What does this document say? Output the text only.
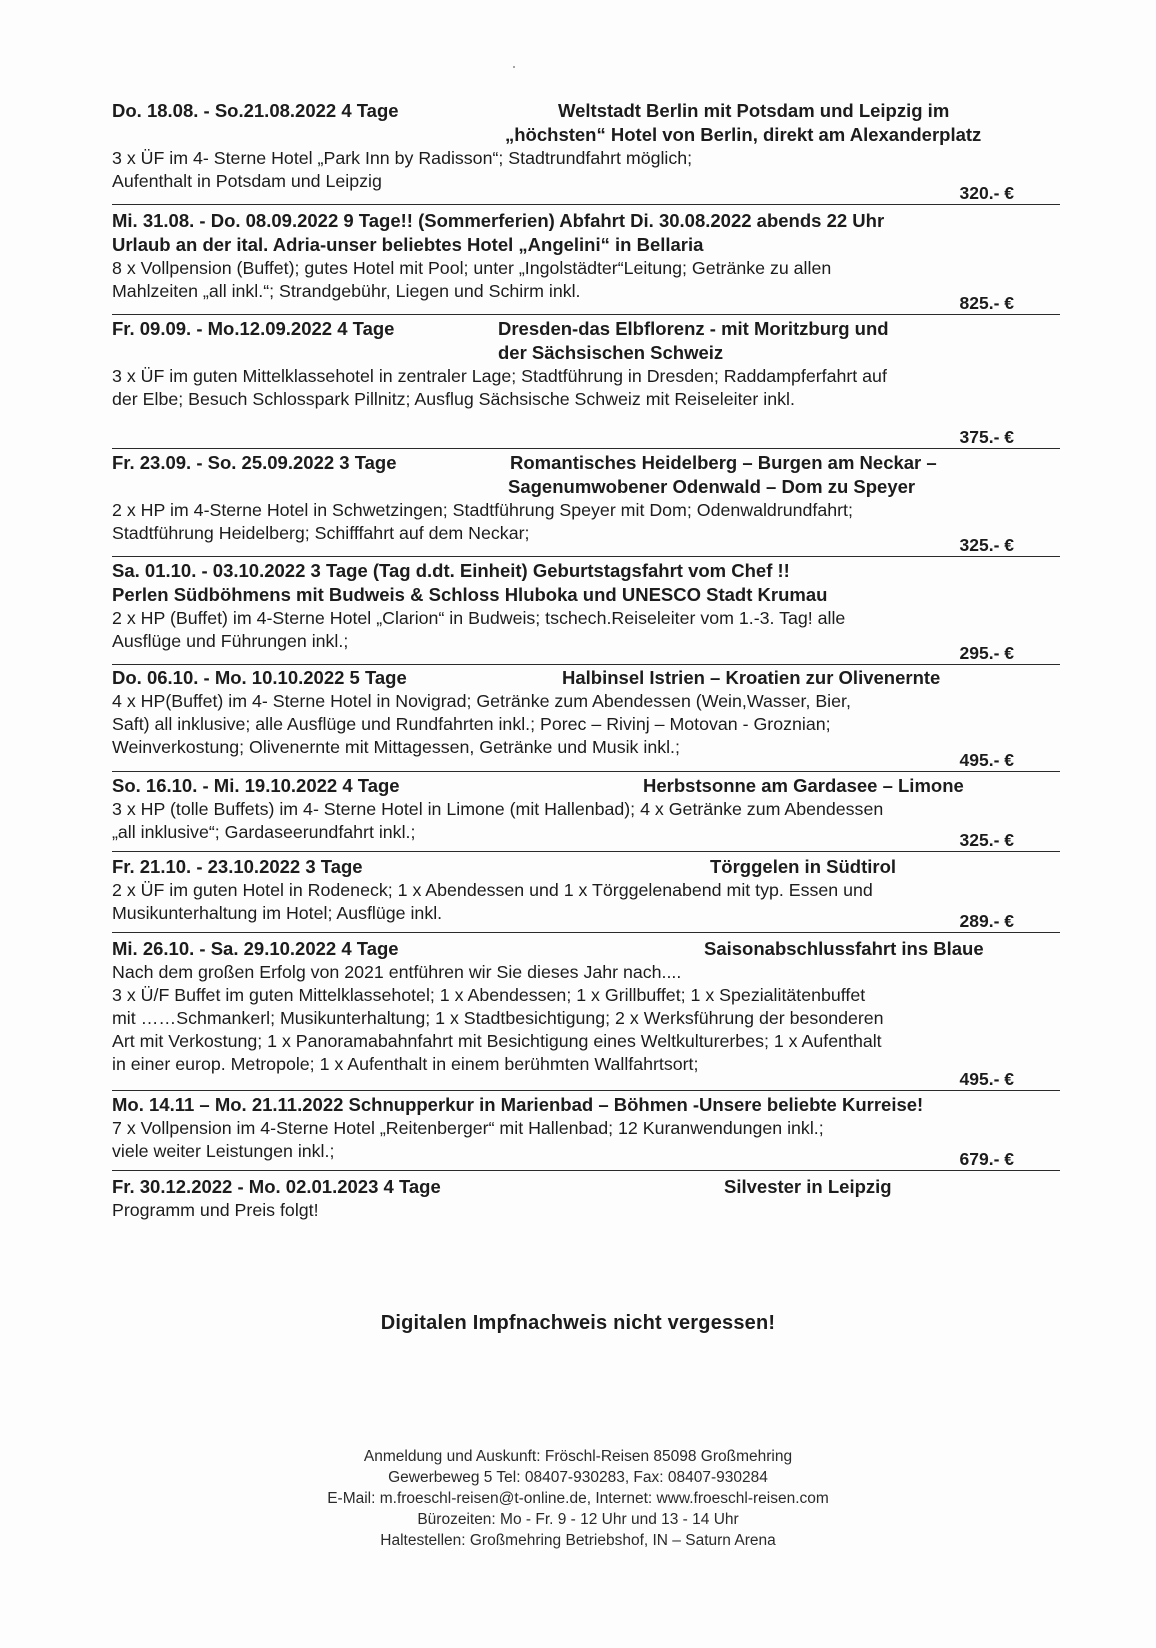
Do. 18.08. - So.21.08.2022 4 Tage	Weltstadt Berlin mit Potsdam und Leipzig im
„höchsten“ Hotel von Berlin, direkt am Alexanderplatz
3 x ÜF im 4- Sterne Hotel „Park Inn by Radisson“; Stadtrundfahrt möglich;
Aufenthalt in Potsdam und Leipzig
320.- €
Mi. 31.08. - Do. 08.09.2022 9 Tage!! (Sommerferien) Abfahrt Di. 30.08.2022 abends 22 Uhr
Urlaub an der ital. Adria-unser beliebtes Hotel „Angelini“ in Bellaria
8 x Vollpension (Buffet); gutes Hotel mit Pool; unter „Ingolstädter“Leitung; Getränke zu allen
Mahlzeiten „all inkl.“; Strandgebühr, Liegen und Schirm inkl.
825.- €
Fr. 09.09. - Mo.12.09.2022 4 Tage	Dresden-das Elbflorenz - mit Moritzburg und
der Sächsischen Schweiz
3 x ÜF im guten Mittelklassehotel in zentraler Lage; Stadtführung in Dresden; Raddampferfahrt auf
der Elbe; Besuch Schlosspark Pillnitz; Ausflug Sächsische Schweiz mit Reiseleiter inkl.
375.- €
Fr. 23.09. - So. 25.09.2022 3 Tage	Romantisches Heidelberg – Burgen am Neckar –
Sagenumwobener Odenwald – Dom zu Speyer
2 x HP im 4-Sterne Hotel in Schwetzingen; Stadtführung Speyer mit Dom; Odenwaldrundfahrt;
Stadtführung Heidelberg; Schifffahrt auf dem Neckar;
325.- €
Sa. 01.10. - 03.10.2022 3 Tage (Tag d.dt. Einheit) Geburtstagsfahrt vom Chef !!
Perlen Südböhmens mit Budweis & Schloss Hluboka und UNESCO Stadt Krumau
2 x HP (Buffet) im 4-Sterne Hotel „Clarion“ in Budweis; tschech.Reiseleiter vom 1.-3. Tag! alle
Ausflüge und Führungen inkl.;
295.- €
Do. 06.10. - Mo. 10.10.2022 5 Tage	Halbinsel Istrien – Kroatien zur Olivenernte
4 x HP(Buffet) im 4- Sterne Hotel in Novigrad; Getränke zum Abendessen (Wein,Wasser, Bier,
Saft) all inklusive; alle Ausflüge und Rundfahrten inkl.; Porec – Rivinj – Motovan - Groznian;
Weinverkostung; Olivenernte mit Mittagessen, Getränke und Musik inkl.;
495.- €
So. 16.10. - Mi. 19.10.2022 4 Tage	Herbstsonne am Gardasee – Limone
3 x HP (tolle Buffets) im 4- Sterne Hotel in Limone (mit Hallenbad); 4 x Getränke zum Abendessen
„all inklusive“; Gardaseerundfahrt inkl.;	325.- €
Fr. 21.10. - 23.10.2022 3 Tage	Törggelen in Südtirol
2 x ÜF im guten Hotel in Rodeneck; 1 x Abendessen und 1 x Törggelenabend mit typ. Essen und
Musikunterhaltung im Hotel; Ausflüge inkl.	289.- €
Mi. 26.10. - Sa. 29.10.2022 4 Tage	Saisonabschlussfahrt ins Blaue
Nach dem großen Erfolg von 2021 entführen wir Sie dieses Jahr nach....
3 x Ü/F Buffet im guten Mittelklassehotel; 1 x Abendessen; 1 x Grillbuffet; 1 x Spezialitätenbuffet
mit ……Schmankerl; Musikunterhaltung; 1 x Stadtbesichtigung; 2 x Werksführung der besonderen
Art mit Verkostung; 1 x Panoramabahnfahrt mit Besichtigung eines Weltkulturerbes; 1 x Aufenthalt
in einer europ. Metropole; 1 x Aufenthalt in einem berühmten Wallfahrtsort;
495.- €
Mo. 14.11 – Mo. 21.11.2022 Schnupperkur in Marienbad – Böhmen -Unsere beliebte Kurreise!
7 x Vollpension im 4-Sterne Hotel „Reitenberger“ mit Hallenbad; 12 Kuranwendungen inkl.;
viele weiter Leistungen inkl.;	679.- €
Fr. 30.12.2022 - Mo. 02.01.2023 4 Tage	Silvester in Leipzig
Programm und Preis folgt!
Digitalen Impfnachweis nicht vergessen!
Anmeldung und Auskunft: Fröschl-Reisen 85098 Großmehring
Gewerbeweg 5 Tel: 08407-930283, Fax: 08407-930284
E-Mail: m.froeschl-reisen@t-online.de, Internet: www.froeschl-reisen.com
Bürozeiten: Mo - Fr. 9 - 12 Uhr und 13 - 14 Uhr
Haltestellen: Großmehring Betriebshof, IN – Saturn Arena
